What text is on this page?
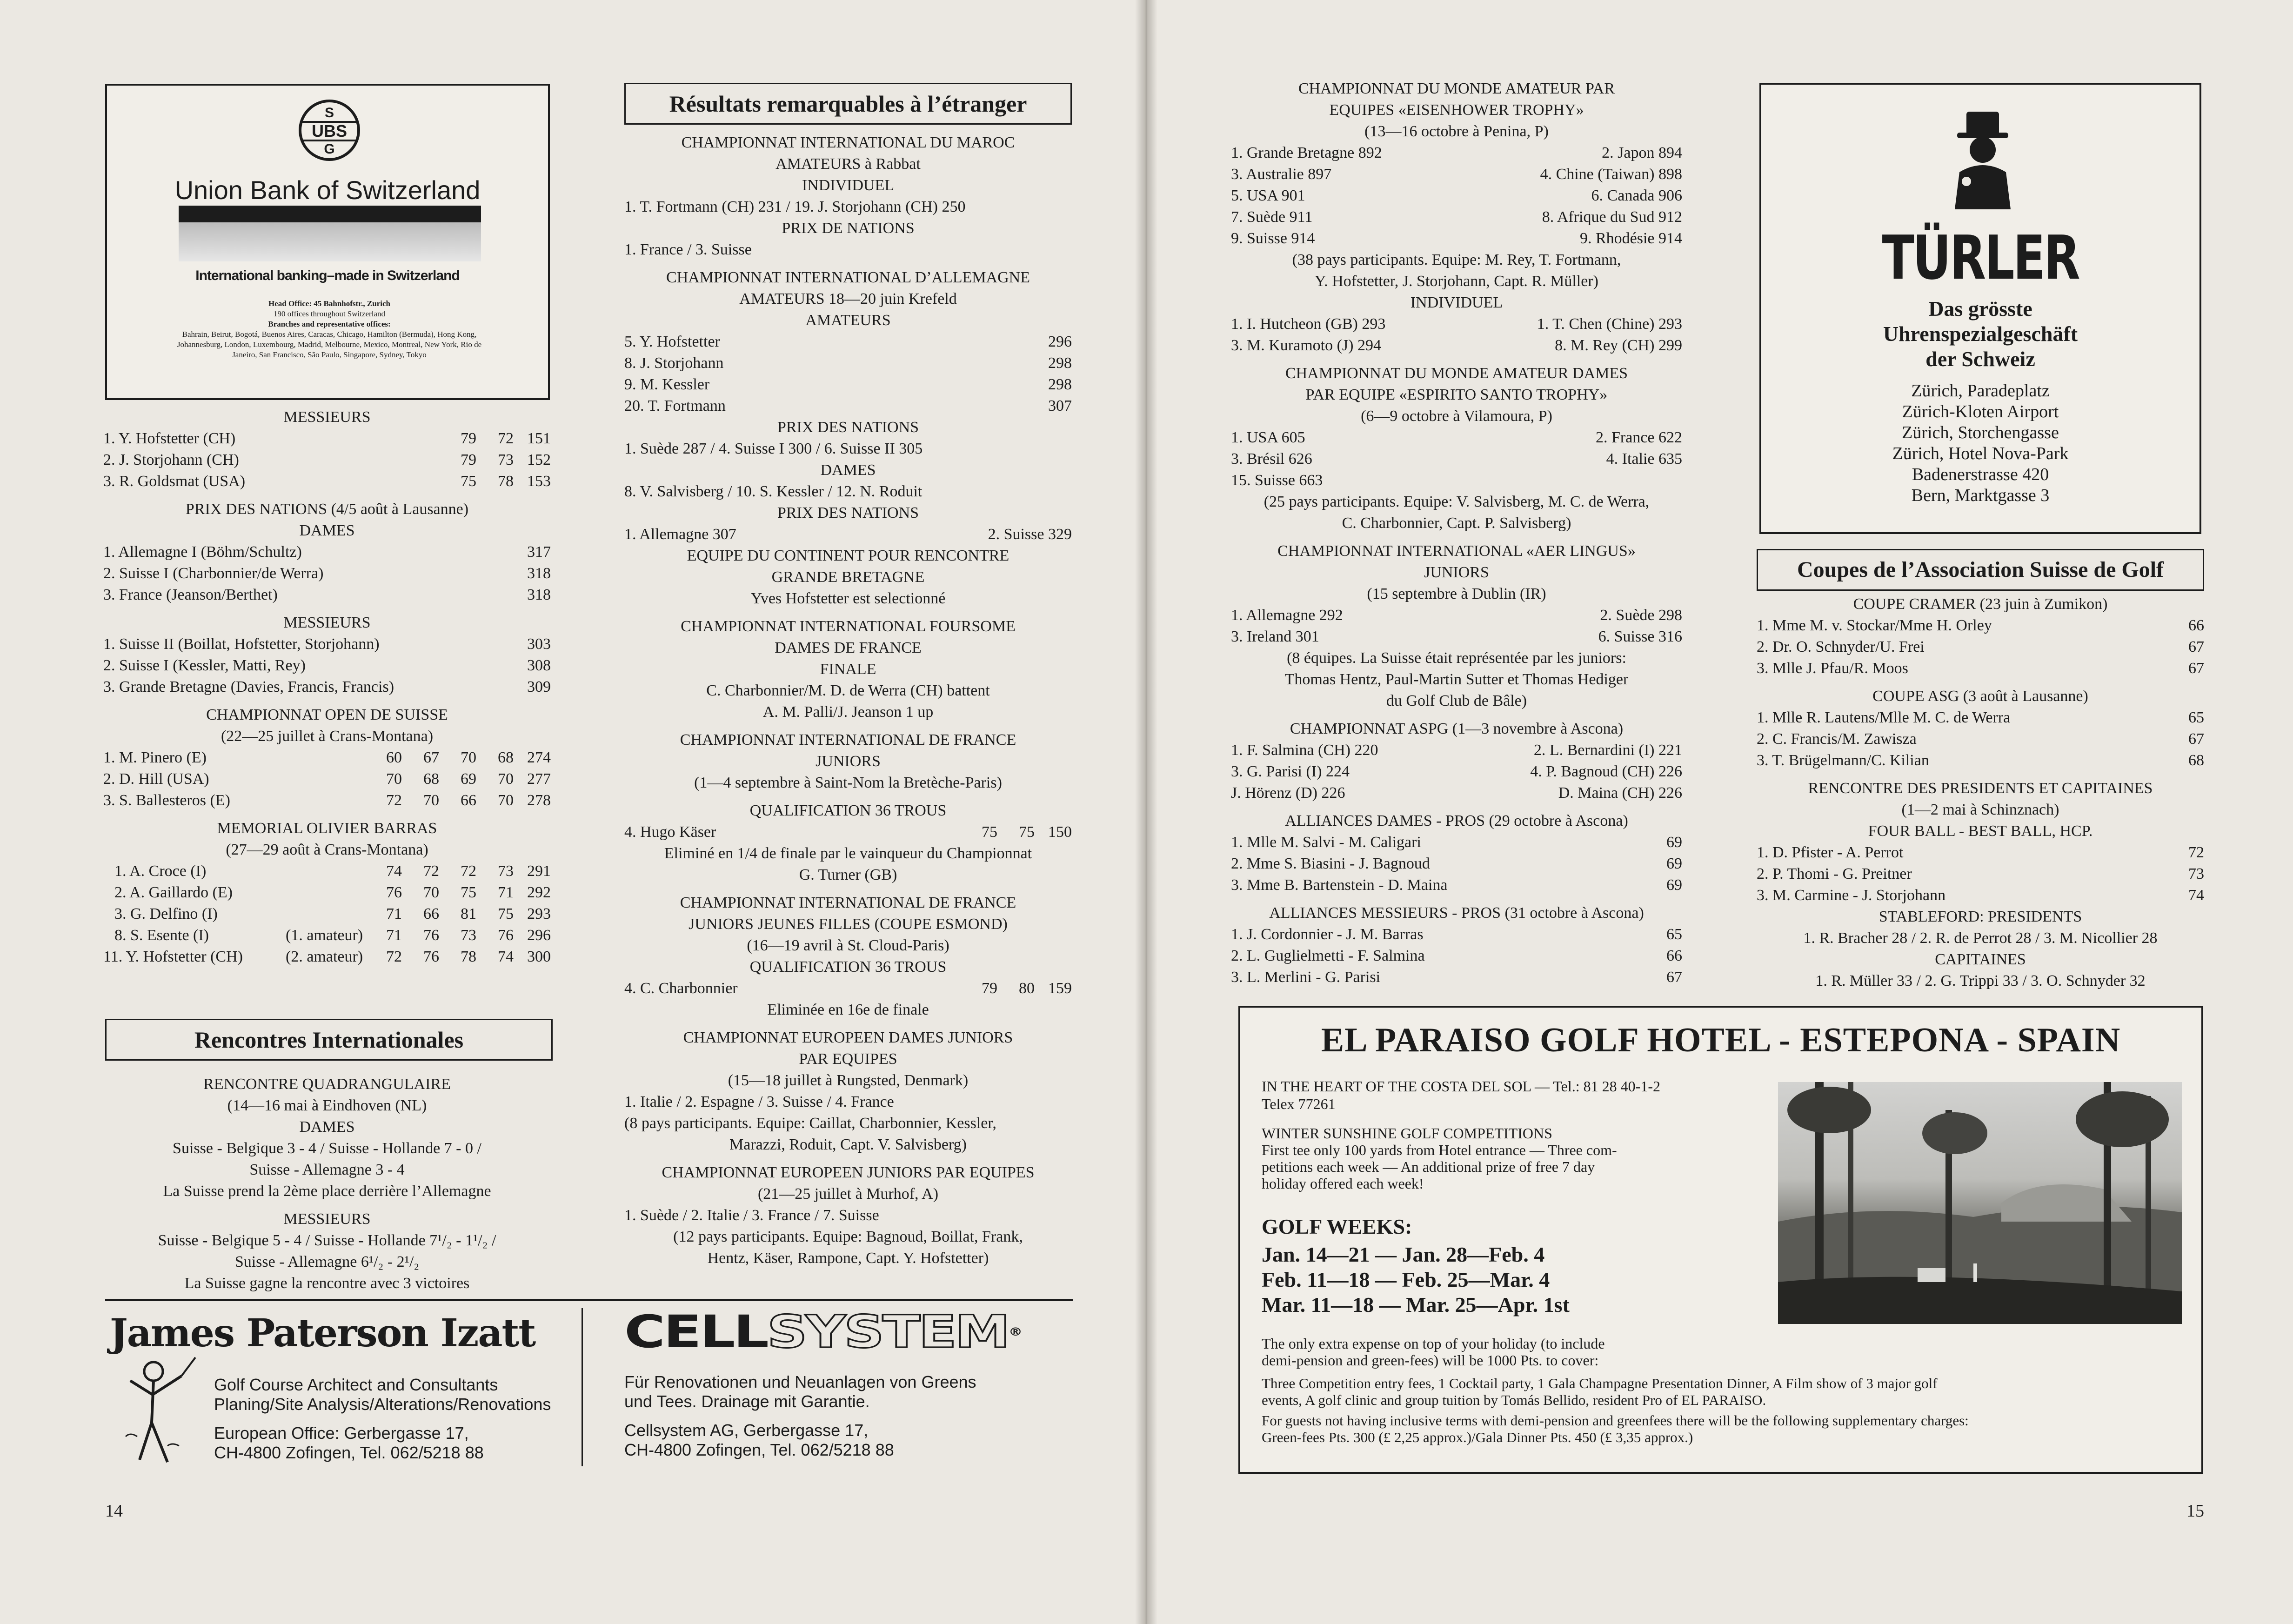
S
UBS
G
Union Bank of Switzerland
International banking–made in Switzerland
Head Office: 45 Bahnhofstr., Zurich
190 offices throughout Switzerland
Branches and representative offices:
Bahrain, Beirut, Bogotá, Buenos Aires, Caracas, Chicago, Hamilton (Bermuda), Hong Kong, Johannesburg, London, Luxembourg, Madrid, Melbourne, Mexico, Montreal, New York, Rio de Janeiro, San Francisco, São Paulo, Singapore, Sydney, Tokyo
MESSIEURS
1. Y. Hofstetter (CH)	79	72 151
2. J. Storjohann (CH)	79	73 152
3. R. Goldsmat (USA)	75	78 153
PRIX DES NATIONS (4/5 août à Lausanne)
DAMES
1. Allemagne I (Böhm/Schultz)	317
2. Suisse I (Charbonnier/de Werra)	318
3. France (Jeanson/Berthet)	318
MESSIEURS
1. Suisse II (Boillat, Hofstetter, Storjohann)	303
2. Suisse I (Kessler, Matti, Rey)	308
3. Grande Bretagne (Davies, Francis, Francis)	309
CHAMPIONNAT OPEN DE SUISSE
(22—25 juillet à Crans-Montana)
1. M. Pinero (E)	60	67	70	68 274
2. D. Hill (USA)	70	68	69	70 277
3. S. Ballesteros (E)	72	70	66	70 278
MEMORIAL OLIVIER BARRAS
(27—29 août à Crans-Montana)
1. A. Croce (I)	74	72	72	73 291
2. A. Gaillardo (E)	76	70	75	71 292
3. G. Delfino (I)	71	66	81	75 293
8. S. Esente (I)	(1. amateur)	71	76	73	76 296
11. Y. Hofstetter (CH)	(2. amateur)	72	76	78	74 300
Rencontres Internationales
RENCONTRE QUADRANGULAIRE
(14—16 mai à Eindhoven (NL)
DAMES
Suisse - Belgique 3 - 4 / Suisse - Hollande 7 - 0 /
Suisse - Allemagne 3 - 4
La Suisse prend la 2ème place derrière l’Allemagne
MESSIEURS
Suisse - Belgique 5 - 4 / Suisse - Hollande 7¹/₂ - 1¹/₂ /
Suisse - Allemagne 6¹/₂ - 2¹/₂
La Suisse gagne la rencontre avec 3 victoires
Résultats remarquables à l’étranger
CHAMPIONNAT INTERNATIONAL DU MAROC
AMATEURS à Rabbat
INDIVIDUEL
1. T. Fortmann (CH) 231 / 19. J. Storjohann (CH) 250
PRIX DE NATIONS
1. France / 3. Suisse
CHAMPIONNAT INTERNATIONAL D’ALLEMAGNE
AMATEURS 18—20 juin Krefeld
AMATEURS
5. Y. Hofstetter	296
8. J. Storjohann	298
9. M. Kessler	298
20. T. Fortmann	307
PRIX DES NATIONS
1. Suède 287 / 4. Suisse I 300 / 6. Suisse II 305
DAMES
8. V. Salvisberg / 10. S. Kessler / 12. N. Roduit
PRIX DES NATIONS
1. Allemagne 307	2. Suisse 329
EQUIPE DU CONTINENT POUR RENCONTRE
GRANDE BRETAGNE
Yves Hofstetter est selectionné
CHAMPIONNAT INTERNATIONAL FOURSOME
DAMES DE FRANCE
FINALE
C. Charbonnier/M. D. de Werra (CH) battent
A. M. Palli/J. Jeanson 1 up
CHAMPIONNAT INTERNATIONAL DE FRANCE
JUNIORS
(1—4 septembre à Saint-Nom la Bretèche-Paris)
QUALIFICATION 36 TROUS
4. Hugo Käser	75	75 150
Eliminé en 1/4 de finale par le vainqueur du Championnat
G. Turner (GB)
CHAMPIONNAT INTERNATIONAL DE FRANCE
JUNIORS JEUNES FILLES (COUPE ESMOND)
(16—19 avril à St. Cloud-Paris)
QUALIFICATION 36 TROUS
4. C. Charbonnier	79	80 159
Eliminée en 16e de finale
CHAMPIONNAT EUROPEEN DAMES JUNIORS
PAR EQUIPES
(15—18 juillet à Rungsted, Denmark)
1. Italie / 2. Espagne / 3. Suisse / 4. France
(8 pays participants. Equipe: Caillat, Charbonnier, Kessler,
Marazzi, Roduit, Capt. V. Salvisberg)
CHAMPIONNAT EUROPEEN JUNIORS PAR EQUIPES
(21—25 juillet à Murhof, A)
1. Suède / 2. Italie / 3. France / 7. Suisse
(12 pays participants. Equipe: Bagnoud, Boillat, Frank,
Hentz, Käser, Rampone, Capt. Y. Hofstetter)
James Paterson Izatt
Golf Course Architect and Consultants
Planing/Site Analysis/Alterations/Renovations
European Office: Gerbergasse 17,
CH-4800 Zofingen, Tel. 062/5218 88
CELLSYSTEM®
Für Renovationen und Neuanlagen von Greens
und Tees. Drainage mit Garantie.
Cellsystem AG, Gerbergasse 17,
CH-4800 Zofingen, Tel. 062/5218 88
14
CHAMPIONNAT DU MONDE AMATEUR PAR
EQUIPES «EISENHOWER TROPHY»
(13—16 octobre à Penina, P)
1. Grande Bretagne 892	2. Japon 894
3. Australie 897	4. Chine (Taiwan) 898
5. USA 901	6. Canada 906
7. Suède 911	8. Afrique du Sud 912
9. Suisse 914	9. Rhodésie 914
(38 pays participants. Equipe: M. Rey, T. Fortmann,
Y. Hofstetter, J. Storjohann, Capt. R. Müller)
INDIVIDUEL
1. I. Hutcheon (GB) 293	1. T. Chen (Chine) 293
3. M. Kuramoto (J) 294	8. M. Rey (CH) 299
CHAMPIONNAT DU MONDE AMATEUR DAMES
PAR EQUIPE «ESPIRITO SANTO TROPHY»
(6—9 octobre à Vilamoura, P)
1. USA 605	2. France 622
3. Brésil 626	4. Italie 635
15. Suisse 663
(25 pays participants. Equipe: V. Salvisberg, M. C. de Werra,
C. Charbonnier, Capt. P. Salvisberg)
CHAMPIONNAT INTERNATIONAL «AER LINGUS»
JUNIORS
(15 septembre à Dublin (IR)
1. Allemagne 292	2. Suède 298
3. Ireland 301	6. Suisse 316
(8 équipes. La Suisse était représentée par les juniors:
Thomas Hentz, Paul-Martin Sutter et Thomas Hediger
du Golf Club de Bâle)
CHAMPIONNAT ASPG (1—3 novembre à Ascona)
1. F. Salmina (CH) 220	2. L. Bernardini (I) 221
3. G. Parisi (I) 224	4. P. Bagnoud (CH) 226
J. Hörenz (D) 226	D. Maina (CH) 226
ALLIANCES DAMES - PROS (29 octobre à Ascona)
1. Mlle M. Salvi - M. Caligari	69
2. Mme S. Biasini - J. Bagnoud	69
3. Mme B. Bartenstein - D. Maina	69
ALLIANCES MESSIEURS - PROS (31 octobre à Ascona)
1. J. Cordonnier - J. M. Barras	65
2. L. Guglielmetti - F. Salmina	66
3. L. Merlini - G. Parisi	67
TÜRLER
Das grösste
Uhrenspezialgeschäft
der Schweiz
Zürich, Paradeplatz
Zürich-Kloten Airport
Zürich, Storchengasse
Zürich, Hotel Nova-Park
Badenerstrasse 420
Bern, Marktgasse 3
Coupes de l’Association Suisse de Golf
COUPE CRAMER (23 juin à Zumikon)
1. Mme M. v. Stockar/Mme H. Orley	66
2. Dr. O. Schnyder/U. Frei	67
3. Mlle J. Pfau/R. Moos	67
COUPE ASG (3 août à Lausanne)
1. Mlle R. Lautens/Mlle M. C. de Werra	65
2. C. Francis/M. Zawisza	67
3. T. Brügelmann/C. Kilian	68
RENCONTRE DES PRESIDENTS ET CAPITAINES
(1—2 mai à Schinznach)
FOUR BALL - BEST BALL, HCP.
1. D. Pfister - A. Perrot	72
2. P. Thomi - G. Preitner	73
3. M. Carmine - J. Storjohann	74
STABLEFORD: PRESIDENTS
1. R. Bracher 28 / 2. R. de Perrot 28 / 3. M. Nicollier 28
CAPITAINES
1. R. Müller 33 / 2. G. Trippi 33 / 3. O. Schnyder 32
EL PARAISO GOLF HOTEL - ESTEPONA - SPAIN
IN THE HEART OF THE COSTA DEL SOL — Tel.: 81 28 40-1-2
Telex 77261
WINTER SUNSHINE GOLF COMPETITIONS
First tee only 100 yards from Hotel entrance — Three com-
petitions each week — An additional prize of free 7 day
holiday offered each week!
GOLF WEEKS:
Jan. 14—21 — Jan. 28—Feb. 4
Feb. 11—18 — Feb. 25—Mar. 4
Mar. 11—18 — Mar. 25—Apr. 1st
The only extra expense on top of your holiday (to include
demi-pension and green-fees) will be 1000 Pts. to cover:
Three Competition entry fees, 1 Cocktail party, 1 Gala Champagne Presentation Dinner, A Film show of 3 major golf
events, A golf clinic and group tuition by Tomás Bellido, resident Pro of EL PARAISO.
For guests not having inclusive terms with demi-pension and greenfees there will be the following supplementary charges:
Green-fees Pts. 300 (£ 2,25 approx.)/Gala Dinner Pts. 450 (£ 3,35 approx.)
15
